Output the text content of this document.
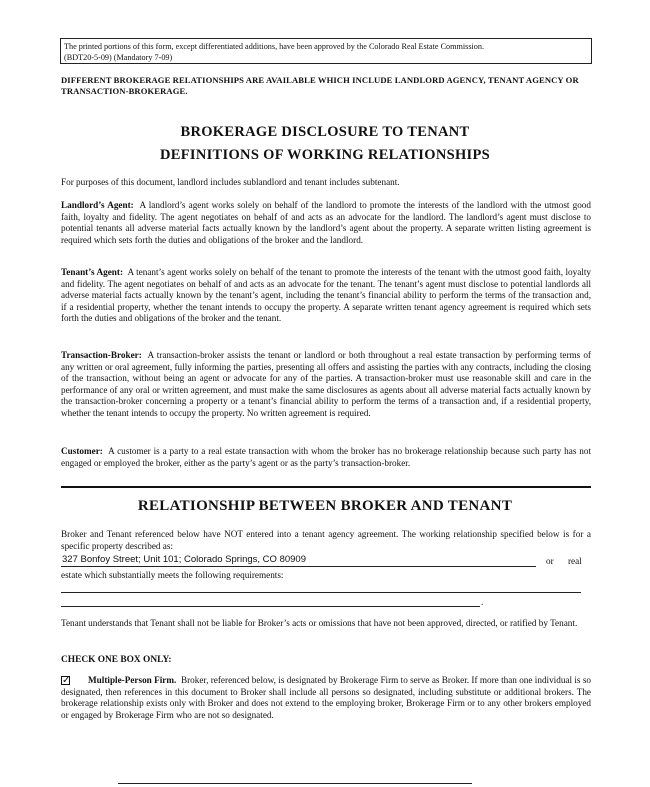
The printed portions of this form, except differentiated additions, have been approved by the Colorado Real Estate Commission.
(BDT20-5-09) (Mandatory 7-09)
DIFFERENT BROKERAGE RELATIONSHIPS ARE AVAILABLE WHICH INCLUDE LANDLORD AGENCY, TENANT AGENCY OR TRANSACTION-BROKERAGE.
BROKERAGE DISCLOSURE TO TENANT
DEFINITIONS OF WORKING RELATIONSHIPS
For purposes of this document, landlord includes sublandlord and tenant includes subtenant.
Landlord’s Agent: A landlord’s agent works solely on behalf of the landlord to promote the interests of the landlord with the utmost good faith, loyalty and fidelity. The agent negotiates on behalf of and acts as an advocate for the landlord. The landlord’s agent must disclose to potential tenants all adverse material facts actually known by the landlord’s agent about the property. A separate written listing agreement is required which sets forth the duties and obligations of the broker and the landlord.
Tenant’s Agent: A tenant’s agent works solely on behalf of the tenant to promote the interests of the tenant with the utmost good faith, loyalty and fidelity. The agent negotiates on behalf of and acts as an advocate for the tenant. The tenant’s agent must disclose to potential landlords all adverse material facts actually known by the tenant’s agent, including the tenant’s financial ability to perform the terms of the transaction and, if a residential property, whether the tenant intends to occupy the property. A separate written tenant agency agreement is required which sets forth the duties and obligations of the broker and the tenant.
Transaction-Broker: A transaction-broker assists the tenant or landlord or both throughout a real estate transaction by performing terms of any written or oral agreement, fully informing the parties, presenting all offers and assisting the parties with any contracts, including the closing of the transaction, without being an agent or advocate for any of the parties. A transaction-broker must use reasonable skill and care in the performance of any oral or written agreement, and must make the same disclosures as agents about all adverse material facts actually known by the transaction-broker concerning a property or a tenant’s financial ability to perform the terms of a transaction and, if a residential property, whether the tenant intends to occupy the property. No written agreement is required.
Customer: A customer is a party to a real estate transaction with whom the broker has no brokerage relationship because such party has not engaged or employed the broker, either as the party’s agent or as the party’s transaction-broker.
RELATIONSHIP BETWEEN BROKER AND TENANT
Broker and Tenant referenced below have NOT entered into a tenant agency agreement. The working relationship specified below is for a specific property described as:
327 Bonfoy Street; Unit 101; Colorado Springs, CO 80909	or real
estate which substantially meets the following requirements:
.
Tenant understands that Tenant shall not be liable for Broker’s acts or omissions that have not been approved, directed, or ratified by Tenant.
CHECK ONE BOX ONLY:
✓	Multiple-Person Firm. Broker, referenced below, is designated by Brokerage Firm to serve as Broker. If more than one individual is so designated, then references in this document to Broker shall include all persons so designated, including substitute or additional brokers. The brokerage relationship exists only with Broker and does not extend to the employing broker, Brokerage Firm or to any other brokers employed or engaged by Brokerage Firm who are not so designated.
